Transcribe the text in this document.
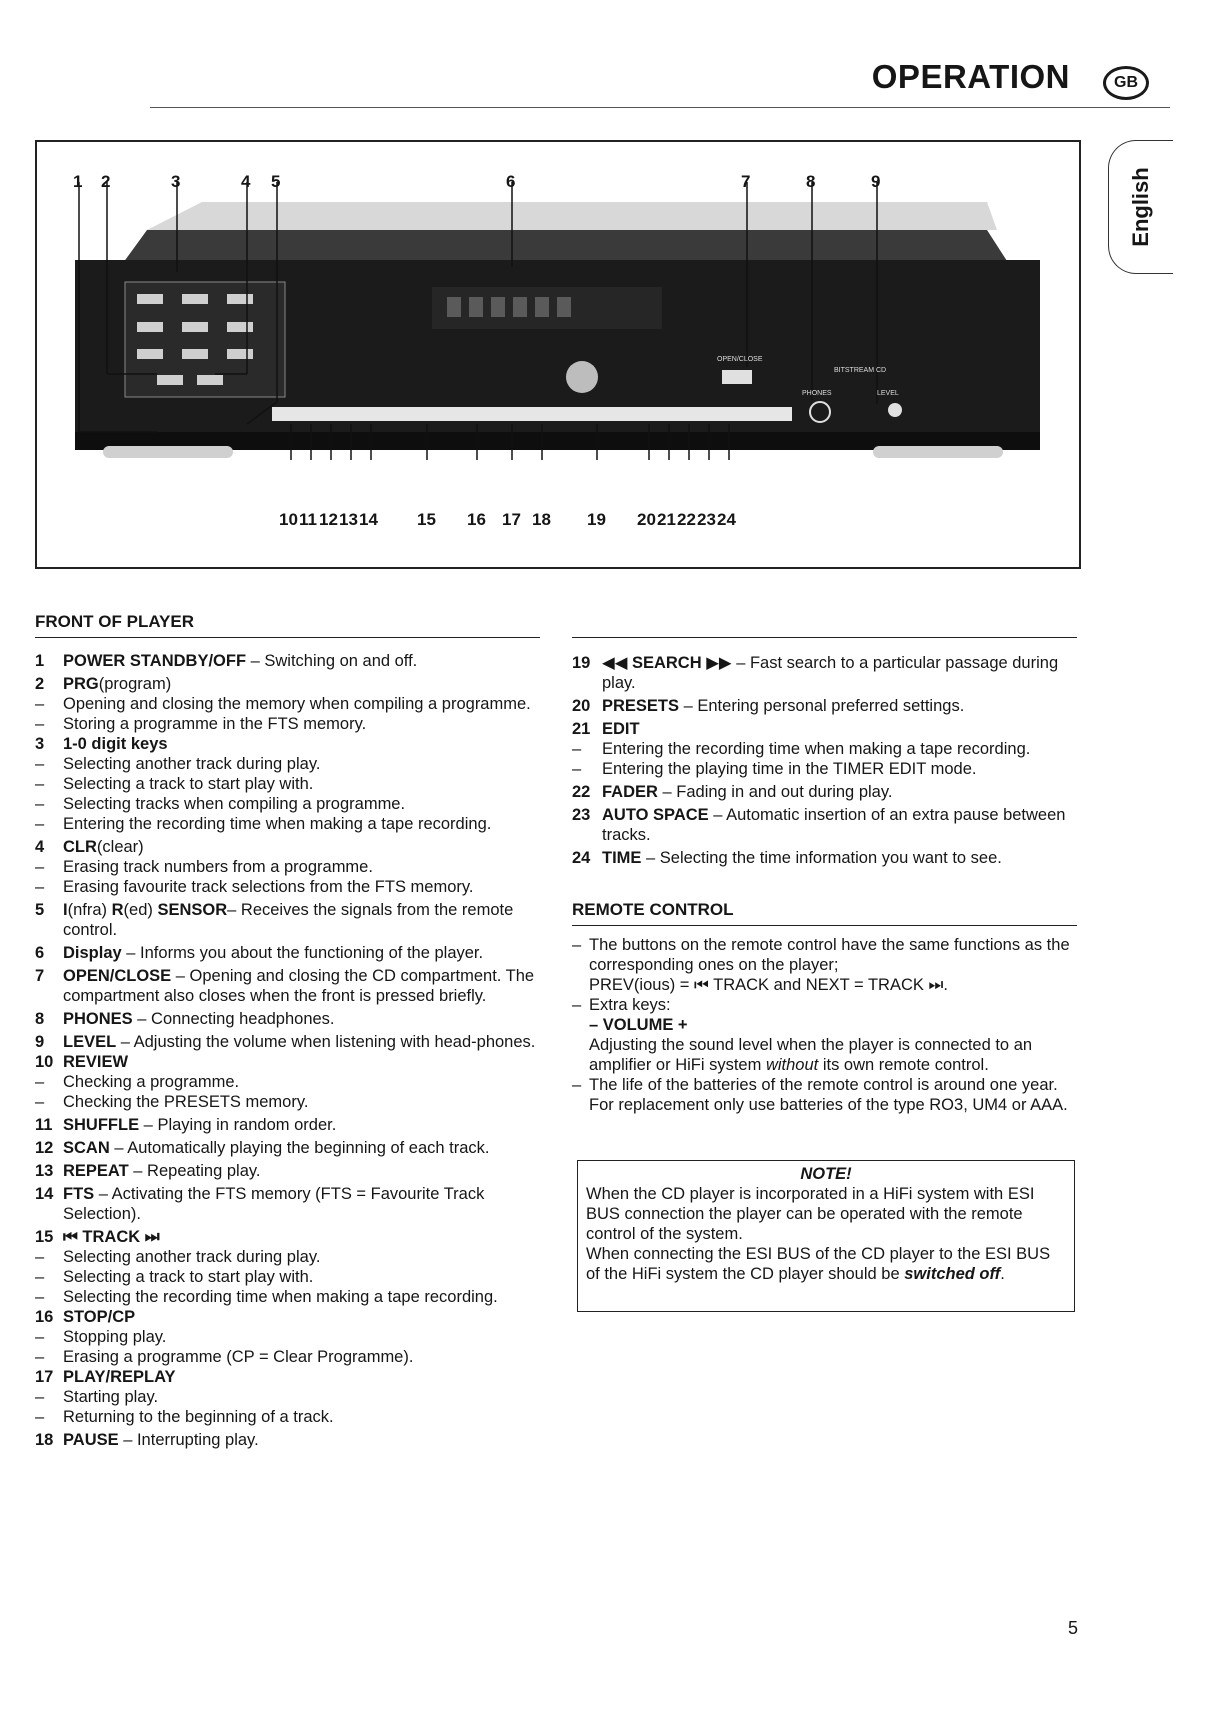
OPERATION	GB
English
OPEN/CLOSE
PHONES	LEVEL
BITSTREAM CD
1 2	3	4 5	6	7	8	9
10 11 12 13 14 15 16 17 18 19 20 21 22 23 24
FRONT OF PLAYER
1	POWER STANDBY/OFF – Switching on and off.
2	PRG(program)
–	Opening and closing the memory when compiling a programme.
–	Storing a programme in the FTS memory.
3	1-0 digit keys
–	Selecting another track during play.
–	Selecting a track to start play with.
–	Selecting tracks when compiling a programme.
–	Entering the recording time when making a tape recording.
4	CLR(clear)
–	Erasing track numbers from a programme.
–	Erasing favourite track selections from the FTS memory.
5	I(nfra) R(ed) SENSOR– Receives the signals from the remote control.
6	Display – Informs you about the functioning of the player.
7	OPEN/CLOSE – Opening and closing the CD compartment. The compartment also closes when the front is pressed briefly.
8	PHONES – Connecting headphones.
9	LEVEL – Adjusting the volume when listening with head-phones.
10 REVIEW
–	Checking a programme.
–	Checking the PRESETS memory.
11 SHUFFLE – Playing in random order.
12 SCAN – Automatically playing the beginning of each track.
13 REPEAT – Repeating play.
14 FTS – Activating the FTS memory (FTS = Favourite Track Selection).
15 ⏮ TRACK ⏭
–	Selecting another track during play.
–	Selecting a track to start play with.
–	Selecting the recording time when making a tape recording.
16 STOP/CP
–	Stopping play.
–	Erasing a programme (CP = Clear Programme).
17 PLAY/REPLAY
–	Starting play.
–	Returning to the beginning of a track.
18 PAUSE – Interrupting play.
19 ◀◀ SEARCH ▶▶ – Fast search to a particular passage during play.
20 PRESETS – Entering personal preferred settings.
21 EDIT
–	Entering the recording time when making a tape recording.
–	Entering the playing time in the TIMER EDIT mode.
22 FADER – Fading in and out during play.
23 AUTO SPACE – Automatic insertion of an extra pause between tracks.
24 TIME – Selecting the time information you want to see.
REMOTE CONTROL
– The buttons on the remote control have the same functions as the corresponding ones on the player;
PREV(ious) = ⏮ TRACK and NEXT = TRACK ⏭.
– Extra keys:
– VOLUME +
Adjusting the sound level when the player is connected to an amplifier or HiFi system without its own remote control.
– The life of the batteries of the remote control is around one year. For replacement only use batteries of the type RO3, UM4 or AAA.
NOTE!
When the CD player is incorporated in a HiFi system with ESI BUS connection the player can be operated with the remote control of the system.
When connecting the ESI BUS of the CD player to the ESI BUS of the HiFi system the CD player should be switched off.
5
